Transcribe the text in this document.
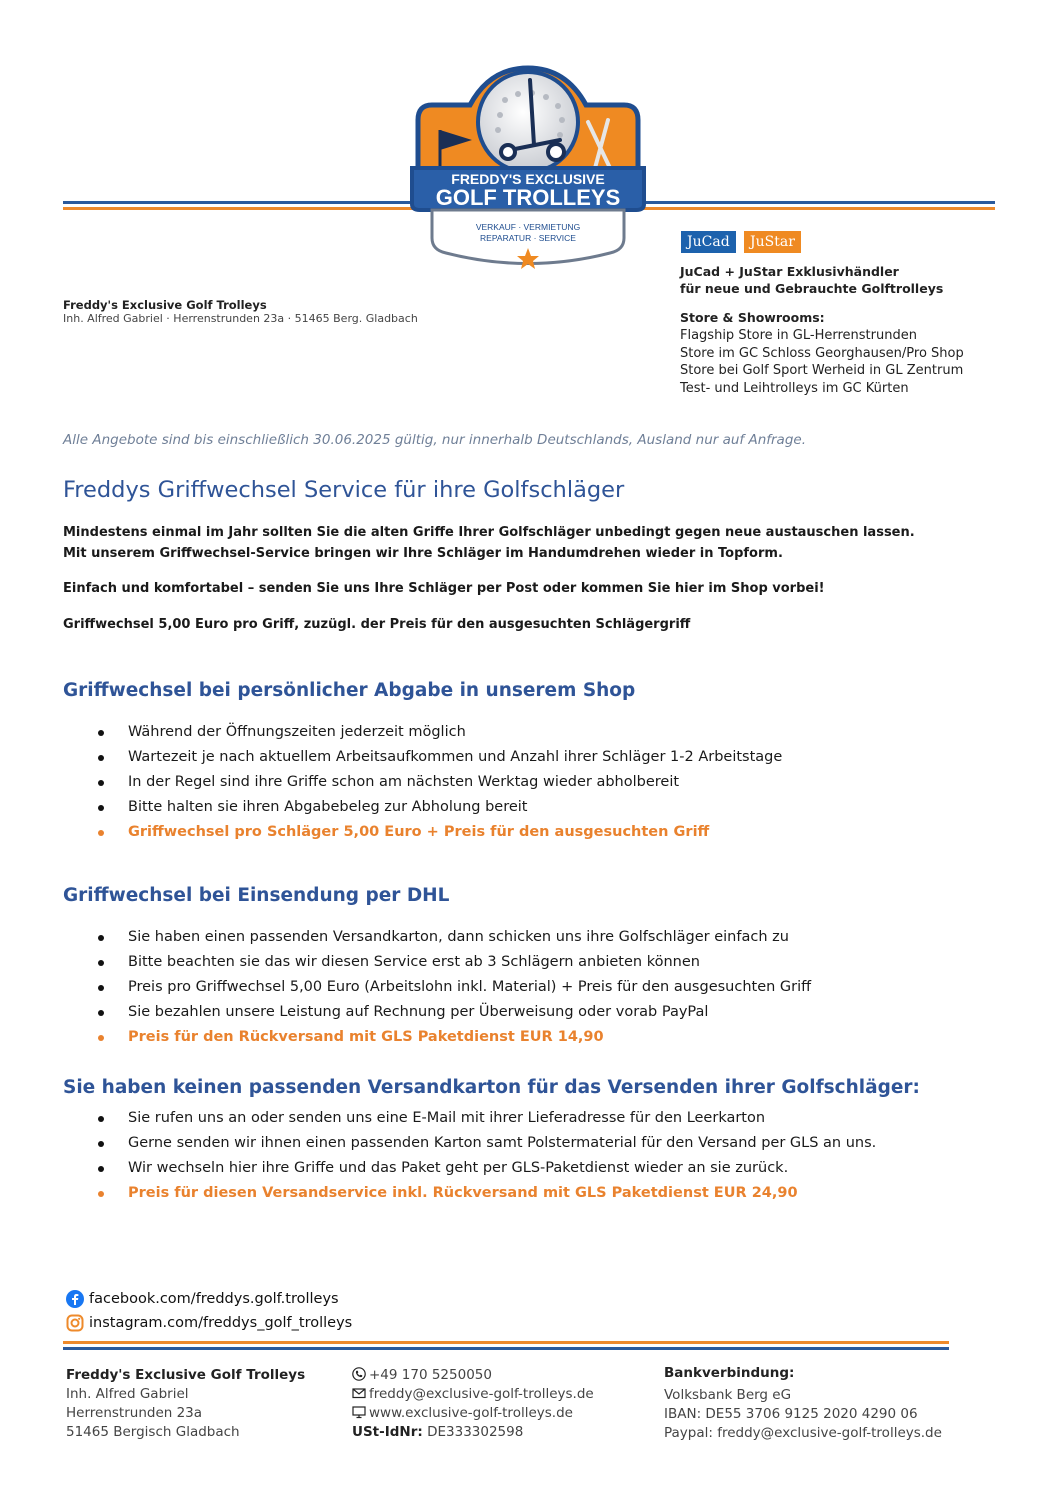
FREDDY'S EXCLUSIVE
GOLF TROLLEYS
VERKAUF · VERMIETUNG
REPARATUR · SERVICE
Freddy's Exclusive Golf Trolleys
Inh. Alfred Gabriel · Herrenstrunden 23a · 51465 Berg. Gladbach
JuCad	JuStar
JuCad + JuStar Exklusivhändler
für neue und Gebrauchte Golftrolleys
Store & Showrooms:
Flagship Store in GL-Herrenstrunden
Store im GC Schloss Georghausen/Pro Shop
Store bei Golf Sport Werheid in GL Zentrum
Test- und Leihtrolleys im GC Kürten
Alle Angebote sind bis einschließlich 30.06.2025 gültig, nur innerhalb Deutschlands, Ausland nur auf Anfrage.
Freddys Griffwechsel Service für ihre Golfschläger

Mindestens einmal im Jahr sollten Sie die alten Griffe Ihrer Golfschläger unbedingt gegen neue austauschen lassen.
Mit unserem Griffwechsel-Service bringen wir Ihre Schläger im Handumdrehen wieder in Topform.

Einfach und komfortabel – senden Sie uns Ihre Schläger per Post oder kommen Sie hier im Shop vorbei!

Griffwechsel 5,00 Euro pro Griff, zuzügl. der Preis für den ausgesuchten Schlägergriff

Griffwechsel bei persönlicher Abgabe in unserem Shop
Während der Öffnungszeiten jederzeit möglich
Wartezeit je nach aktuellem Arbeitsaufkommen und Anzahl ihrer Schläger 1-2 Arbeitstage
In der Regel sind ihre Griffe schon am nächsten Werktag wieder abholbereit
Bitte halten sie ihren Abgabebeleg zur Abholung bereit
Griffwechsel pro Schläger 5,00 Euro + Preis für den ausgesuchten Griff
Griffwechsel bei Einsendung per DHL
Sie haben einen passenden Versandkarton, dann schicken uns ihre Golfschläger einfach zu
Bitte beachten sie das wir diesen Service erst ab 3 Schlägern anbieten können
Preis pro Griffwechsel 5,00 Euro (Arbeitslohn inkl. Material) + Preis für den ausgesuchten Griff
Sie bezahlen unsere Leistung auf Rechnung per Überweisung oder vorab PayPal
Preis für den Rückversand mit GLS Paketdienst EUR 14,90
Sie haben keinen passenden Versandkarton für das Versenden ihrer Golfschläger:
Sie rufen uns an oder senden uns eine E-Mail mit ihrer Lieferadresse für den Leerkarton
Gerne senden wir ihnen einen passenden Karton samt Polstermaterial für den Versand per GLS an uns.
Wir wechseln hier ihre Griffe und das Paket geht per GLS-Paketdienst wieder an sie zurück.
Preis für diesen Versandservice inkl. Rückversand mit GLS Paketdienst EUR 24,90
facebook.com/freddys.golf.trolleys
instagram.com/freddys_golf_trolleys
Freddy's Exclusive Golf Trolleys
Inh. Alfred Gabriel
Herrenstrunden 23a
51465 Bergisch Gladbach
+49 170 5250050
freddy@exclusive-golf-trolleys.de
www.exclusive-golf-trolleys.de
USt-IdNr: DE333302598
Bankverbindung:
Volksbank Berg eG
IBAN: DE55 3706 9125 2020 4290 06
Paypal: freddy@exclusive-golf-trolleys.de
